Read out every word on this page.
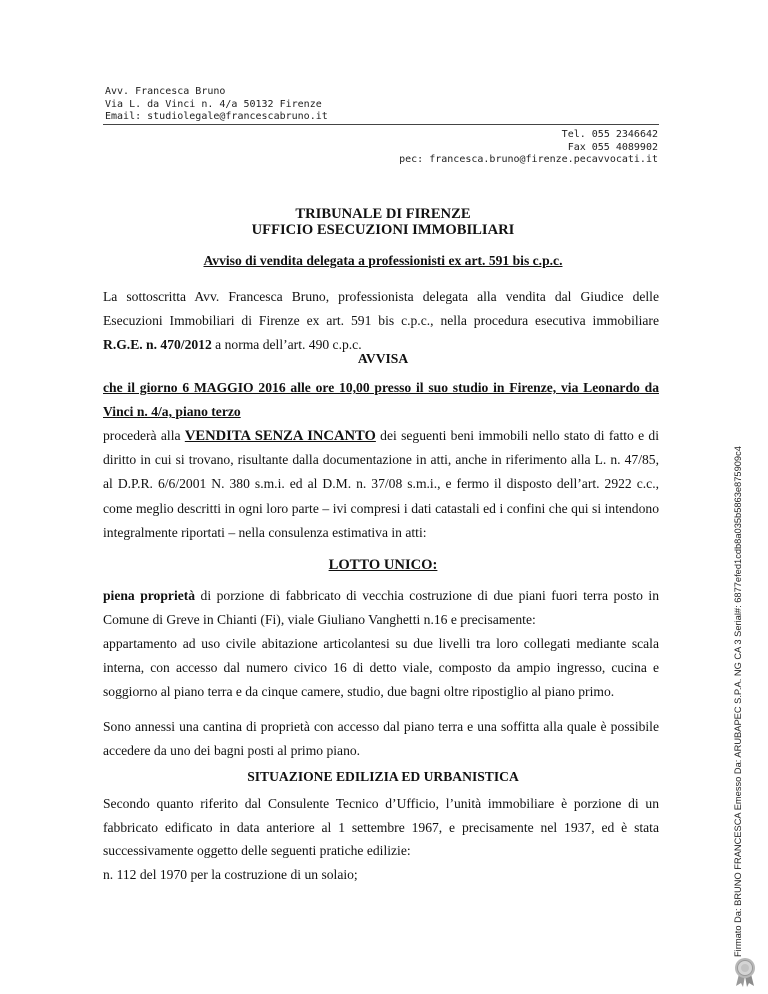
Avv. Francesca Bruno
Via L. da Vinci n. 4/a 50132 Firenze
Email: studiolegale@francescabruno.it
Tel. 055 2346642
Fax 055 4089902
pec: francesca.bruno@firenze.pecavvocati.it
TRIBUNALE DI FIRENZE
UFFICIO ESECUZIONI IMMOBILIARI
Avviso di vendita delegata a professionisti ex art. 591 bis c.p.c.
La sottoscritta Avv. Francesca Bruno, professionista delegata alla vendita dal Giudice delle Esecuzioni Immobiliari di Firenze ex art. 591 bis c.p.c., nella procedura esecutiva immobiliare R.G.E. n. 470/2012 a norma dell’art. 490 c.p.c.
AVVISA
che il giorno 6 MAGGIO 2016 alle ore 10,00 presso il suo studio in Firenze, via Leonardo da Vinci n. 4/a, piano terzo
procederà alla VENDITA SENZA INCANTO dei seguenti beni immobili nello stato di fatto e di diritto in cui si trovano, risultante dalla documentazione in atti, anche in riferimento alla L. n. 47/85, al D.P.R. 6/6/2001 N. 380 s.m.i. ed al D.M. n. 37/08 s.m.i., e fermo il disposto dell’art. 2922 c.c., come meglio descritti in ogni loro parte – ivi compresi i dati catastali ed i confini che qui si intendono integralmente riportati – nella consulenza estimativa in atti:
LOTTO UNICO:
piena proprietà di porzione di fabbricato di vecchia costruzione di due piani fuori terra posto in Comune di Greve in Chianti (Fi), viale Giuliano Vanghetti n.16 e precisamente:
appartamento ad uso civile abitazione articolantesi su due livelli tra loro collegati mediante scala interna, con accesso dal numero civico 16 di detto viale, composto da ampio ingresso, cucina e soggiorno al piano terra e da cinque camere, studio, due bagni oltre ripostiglio al piano primo.
Sono annessi una cantina di proprietà con accesso dal piano terra e una soffitta alla quale è possibile accedere da uno dei bagni posti al primo piano.
SITUAZIONE EDILIZIA ED URBANISTICA
Secondo quanto riferito dal Consulente Tecnico d’Ufficio, l’unità immobiliare è porzione di un fabbricato edificato in data anteriore al 1 settembre 1967, e precisamente nel 1937, ed è stata successivamente oggetto delle seguenti pratiche edilizie:
n. 112 del 1970 per la costruzione di un solaio;	Firmato Da: BRUNO FRANCESCA Emesso Da: ARUBAPEC S.P.A. NG CA 3 Serial#: 6877efed1cdb8a035b5863e875909c4
